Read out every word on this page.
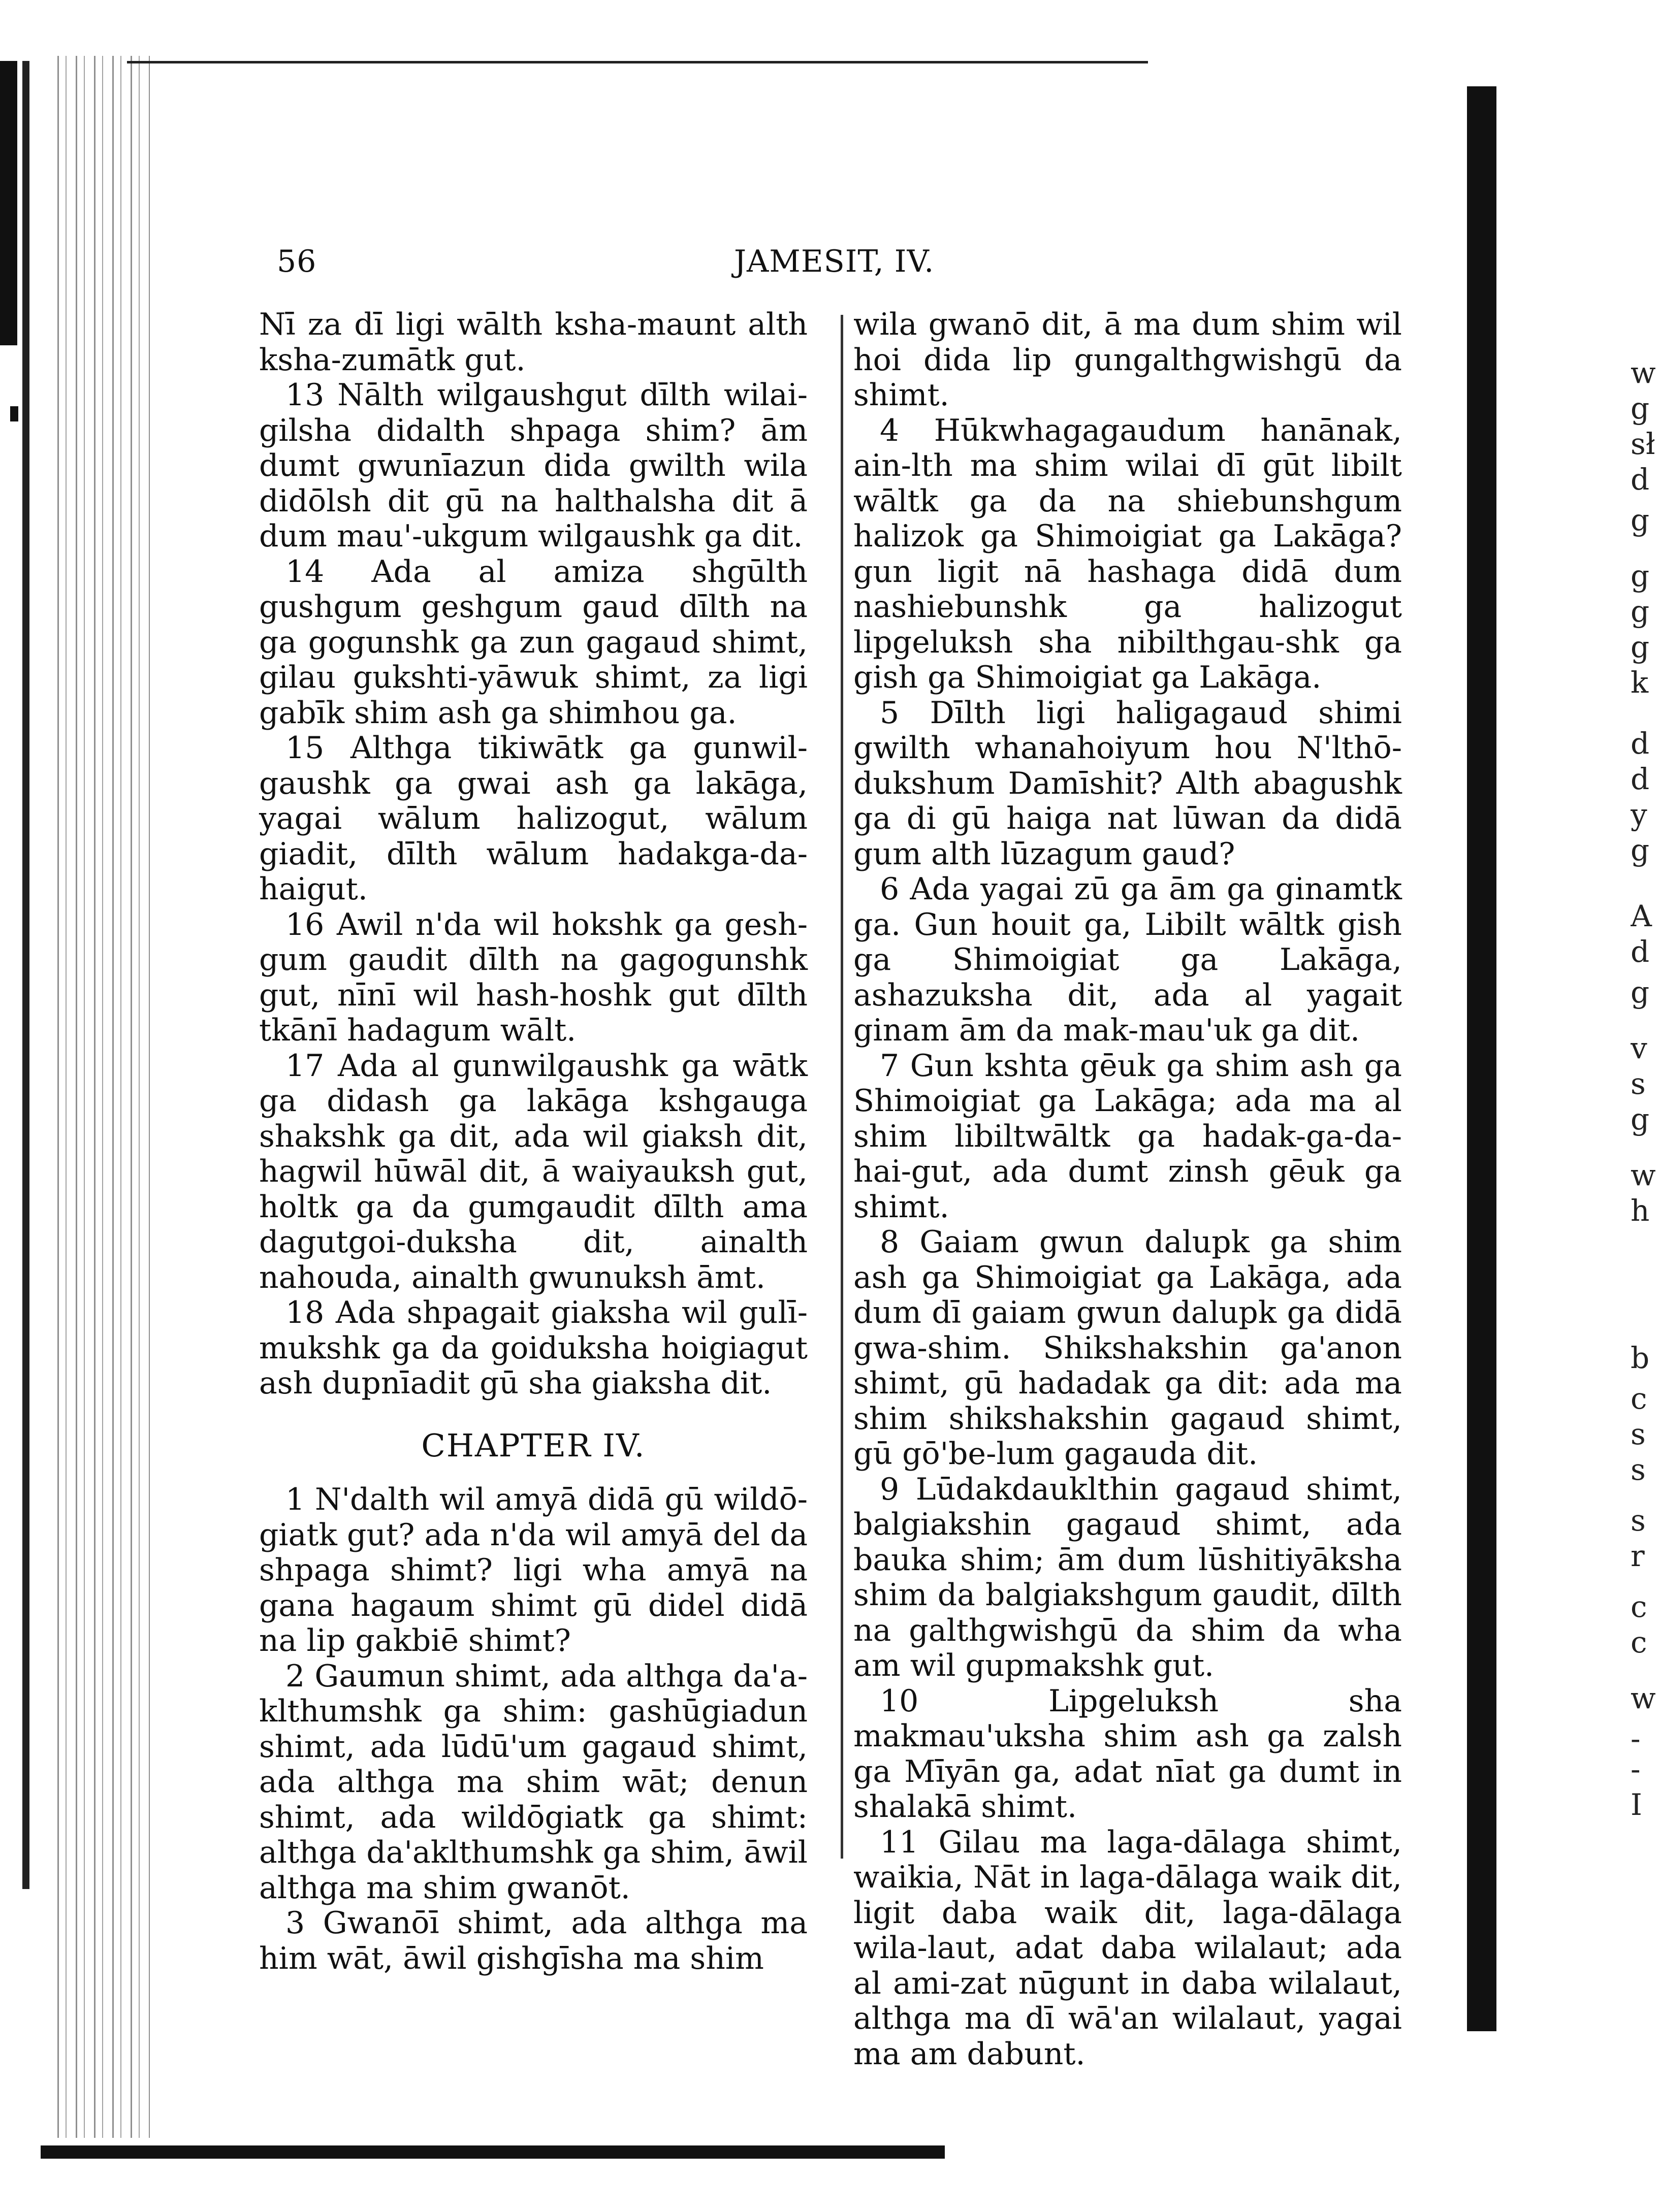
56	JAMESIT, IV.

Nī za dī ligi wālth ksha-maunt alth ksha-zumātk gut.

13 Nālth wilgaushgut dīlth wilai-gilsha didalth shpaga shim? ām dumt gwunīazun dida gwilth wila didōlsh dit gū na halthalsha dit ā dum mau'-ukgum wilgaushk ga dit.

14 Ada al amiza shgūlth gushgum geshgum gaud dīlth na ga gogunshk ga zun gagaud shimt, gilau gukshti-yāwuk shimt, za ligi gabīk shim ash ga shimhou ga.

15 Althga tikiwātk ga gunwil-gaushk ga gwai ash ga lakāga, yagai wālum halizogut, wālum giadit, dīlth wālum hadakga-da-haigut.

16 Awil n'da wil hokshk ga gesh-gum gaudit dīlth na gagogunshk gut, nīnī wil hash-hoshk gut dīlth tkānī hadagum wālt.

17 Ada al gunwilgaushk ga wātk ga didash ga lakāga kshgauga shakshk ga dit, ada wil giaksh dit, hagwil hūwāl dit, ā waiyauksh gut, holtk ga da gumgaudit dīlth ama dagutgoi-duksha dit, ainalth nahouda, ainalth gwunuksh āmt.

18 Ada shpagait giaksha wil gulī-mukshk ga da goiduksha hoigiagut ash dupnīadit gū sha giaksha dit.

CHAPTER IV.

1 N'dalth wil amyā didā gū wildō-giatk gut? ada n'da wil amyā del da shpaga shimt? ligi wha amyā na gana hagaum shimt gū didel didā na lip gakbiē shimt?

2 Gaumun shimt, ada althga da'a-klthumshk ga shim: gashūgiadun shimt, ada lūdū'um gagaud shimt, ada althga ma shim wāt; denun shimt, ada wildōgiatk ga shimt: althga da'aklthumshk ga shim, āwil althga ma shim gwanōt.

3 Gwanōī shimt, ada althga ma him wāt, āwil gishgīsha ma shim

wila gwanō dit, ā ma dum shim wil hoi dida lip gungalthgwishgū da shimt.

4 Hūkwhagagaudum hanānak, ain-lth ma shim wilai dī gūt libilt wāltk ga da na shiebunshgum halizok ga Shimoigiat ga Lakāga? gun ligit nā hashaga didā dum nashiebunshk ga halizogut lipgeluksh sha nibilthgau-shk ga gish ga Shimoigiat ga Lakāga.

5 Dīlth ligi haligagaud shimi gwilth whanahoiyum hou N'lthō-dukshum Damīshit? Alth abagushk ga di gū haiga nat lūwan da didā gum alth lūzagum gaud?

6 Ada yagai zū ga ām ga ginamtk ga. Gun houit ga, Libilt wāltk gish ga Shimoigiat ga Lakāga, ashazuksha dit, ada al yagait ginam ām da mak-mau'uk ga dit.

7 Gun kshta gēuk ga shim ash ga Shimoigiat ga Lakāga; ada ma al shim libiltwāltk ga hadak-ga-da-hai-gut, ada dumt zinsh gēuk ga shimt.

8 Gaiam gwun dalupk ga shim ash ga Shimoigiat ga Lakāga, ada dum dī gaiam gwun dalupk ga didā gwa-shim. Shikshakshin ga'anon shimt, gū hadadak ga dit: ada ma shim shikshakshin gagaud shimt, gū gō'be-lum gagauda dit.

9 Lūdakdauklthin gagaud shimt, balgiakshin gagaud shimt, ada bauka shim; ām dum lūshitiyāksha shim da balgiakshgum gaudit, dīlth na galthgwishgū da shim da wha am wil gupmakshk gut.

10 Lipgeluksh sha makmau'uksha shim ash ga zalsh ga Mīyān ga, adat nīat ga dumt in shalakā shimt.

11 Gilau ma laga-dālaga shimt, waikia, Nāt in laga-dālaga waik dit, ligit daba waik dit, laga-dālaga wila-laut, adat daba wilalaut; ada al ami-zat nūgunt in daba wilalaut, althga ma dī wā'an wilalaut, yagai ma am dabunt.

w
g
sł
d
g
g
g
g
k
d
d
y
g
A
d
g
v
s
g
w
h
b
c
s
s
s
r
c
c
w
-
-
I
